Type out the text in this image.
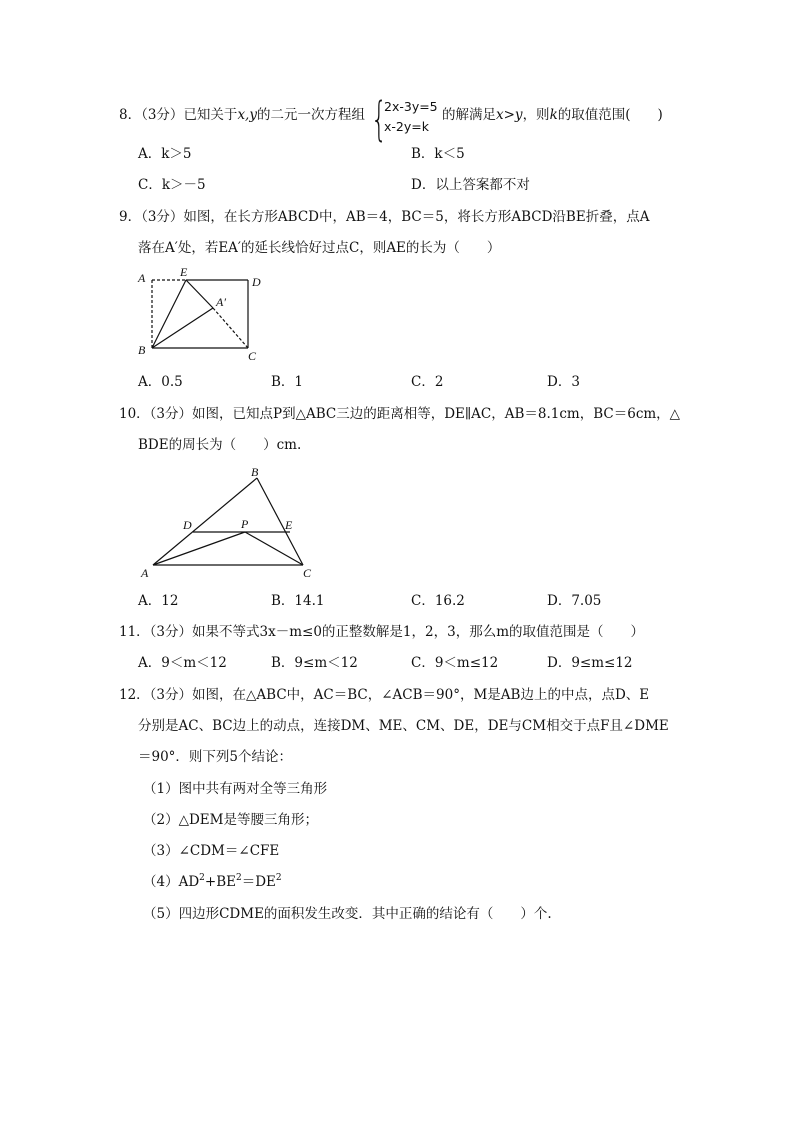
8．（3分）已知关于x,y的二元一次方程组 {
2x-3y=5
x-2y=k
的解满足x>y，则k的取值范围(　　)
A．k＞5	B．k＜5
C．k＞－5	D．以上答案都不对
9．（3分）如图，在长方形ABCD中，AB＝4，BC＝5，将长方形ABCD沿BE折叠，点A
落在A′处，若EA′的延长线恰好过点C，则AE的长为（　　）
A	E
D
A′
B	C
A．0.5	B．1	C．2	D．3
10．（3分）如图，已知点P到△ABC三边的距离相等，DE∥AC，AB＝8.1cm，BC＝6cm，△
BDE的周长为（　　）cm.
B
D	P	E
A	C
A．12	B．14.1	C．16.2	D．7.05
11．（3分）如果不等式3x－m≤0的正整数解是1，2，3，那么m的取值范围是（　　）
A．9＜m＜12	B．9≤m＜12	C．9＜m≤12	D．9≤m≤12
12．（3分）如图，在△ABC中，AC＝BC，∠ACB＝90°，M是AB边上的中点，点D、E
分别是AC、BC边上的动点，连接DM、ME、CM、DE，DE与CM相交于点F且∠DME
＝90°．则下列5个结论：
（1）图中共有两对全等三角形
（2）△DEM是等腰三角形；
（3）∠CDM＝∠CFE
$(4)AD^2+BE^2=DE^2$
（5）四边形CDME的面积发生改变．其中正确的结论有（　　）个.
